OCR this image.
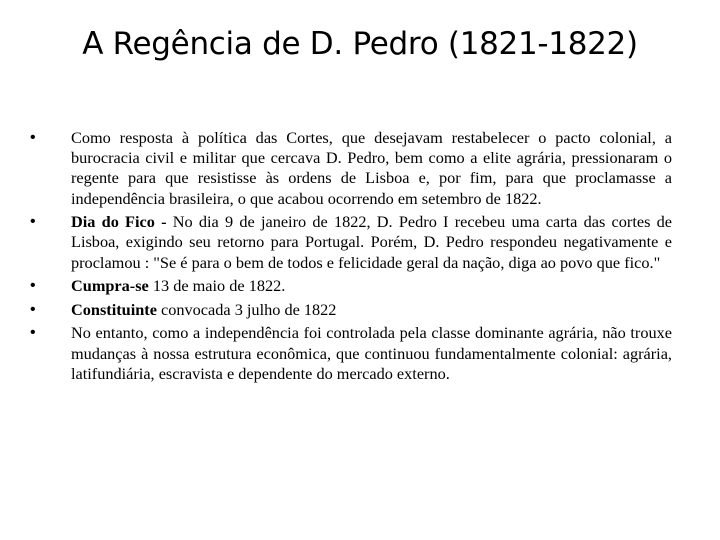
A Regência de D. Pedro (1821-1822)
•	Como resposta à política das Cortes, que desejavam restabelecer o pacto colonial, a burocracia civil e militar que cercava D. Pedro, bem como a elite agrária, pressionaram o regente para que resistisse às ordens de Lisboa e, por fim, para que proclamasse a independência brasileira, o que acabou ocorrendo em setembro de 1822.
•	Dia do Fico - No dia 9 de janeiro de 1822, D. Pedro I recebeu uma carta das cortes de Lisboa, exigindo seu retorno para Portugal. Porém, D. Pedro respondeu negativamente e proclamou : "Se é para o bem de todos e felicidade geral da nação, diga ao povo que fico."
•	Cumpra-se 13 de maio de 1822.
•	Constituinte convocada 3 julho de 1822
•	No entanto, como a independência foi controlada pela classe dominante agrária, não trouxe mudanças à nossa estrutura econômica, que continuou fundamentalmente colonial: agrária, latifundiária, escravista e dependente do mercado externo.
